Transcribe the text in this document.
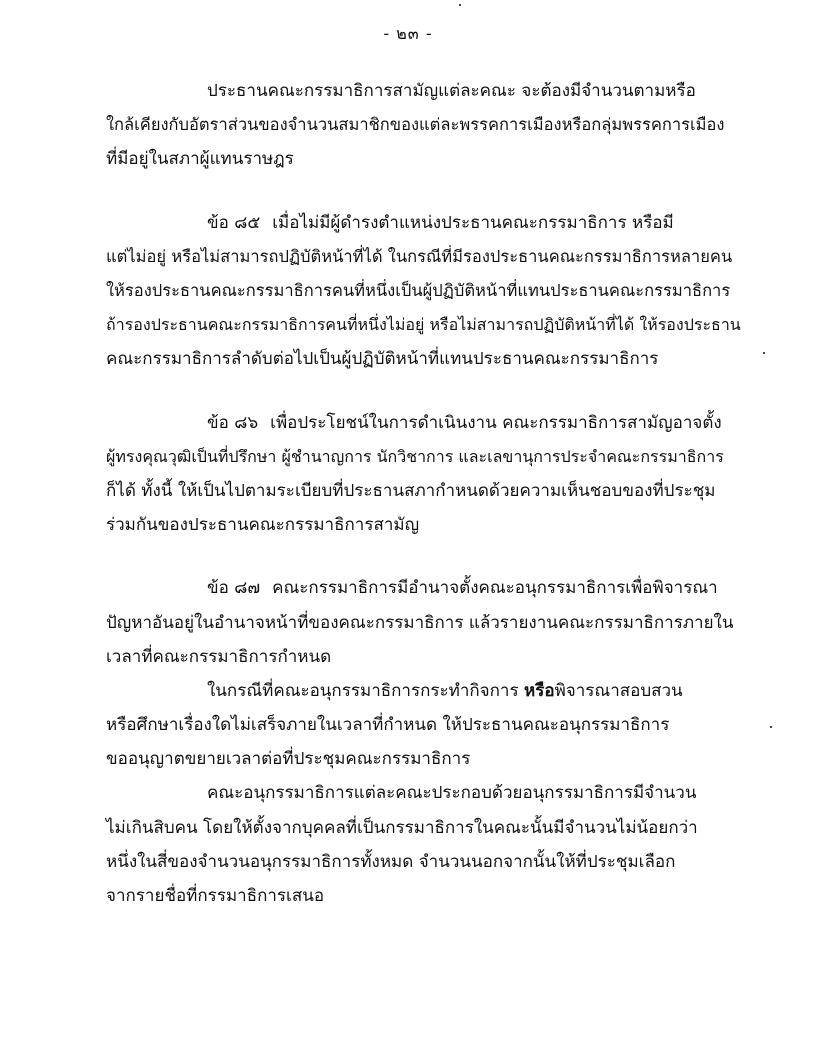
- ๒๓ -
ประธานคณะกรรมาธิการสามัญแต่ละคณะ จะต้องมีจำนวนตามหรือ
ใกล้เคียงกับอัตราส่วนของจำนวนสมาชิกของแต่ละพรรคการเมืองหรือกลุ่มพรรคการเมือง
ที่มีอยู่ในสภาผู้แทนราษฎร
ข้อ ๘๕ เมื่อไม่มีผู้ดำรงตำแหน่งประธานคณะกรรมาธิการ หรือมี
แต่ไม่อยู่ หรือไม่สามารถปฏิบัติหน้าที่ได้ ในกรณีที่มีรองประธานคณะกรรมาธิการหลายคน
ให้รองประธานคณะกรรมาธิการคนที่หนึ่งเป็นผู้ปฏิบัติหน้าที่แทนประธานคณะกรรมาธิการ
ถ้ารองประธานคณะกรรมาธิการคนที่หนึ่งไม่อยู่ หรือไม่สามารถปฏิบัติหน้าที่ได้ ให้รองประธาน
คณะกรรมาธิการลำดับต่อไปเป็นผู้ปฏิบัติหน้าที่แทนประธานคณะกรรมาธิการ
ข้อ ๘๖ เพื่อประโยชน์ในการดำเนินงาน คณะกรรมาธิการสามัญอาจตั้ง
ผู้ทรงคุณวุฒิเป็นที่ปรึกษา ผู้ชำนาญการ นักวิชาการ และเลขานุการประจำคณะกรรมาธิการ
ก็ได้ ทั้งนี้ ให้เป็นไปตามระเบียบที่ประธานสภากำหนดด้วยความเห็นชอบของที่ประชุม
ร่วมกันของประธานคณะกรรมาธิการสามัญ
ข้อ ๘๗ คณะกรรมาธิการมีอำนาจตั้งคณะอนุกรรมาธิการเพื่อพิจารณา
ปัญหาอันอยู่ในอำนาจหน้าที่ของคณะกรรมาธิการ แล้วรายงานคณะกรรมาธิการภายใน
เวลาที่คณะกรรมาธิการกำหนด
ในกรณีที่คณะอนุกรรมาธิการกระทำกิจการ หรือพิจารณาสอบสวน
หรือศึกษาเรื่องใดไม่เสร็จภายในเวลาที่กำหนด ให้ประธานคณะอนุกรรมาธิการ
ขออนุญาตขยายเวลาต่อที่ประชุมคณะกรรมาธิการ
คณะอนุกรรมาธิการแต่ละคณะประกอบด้วยอนุกรรมาธิการมีจำนวน
ไม่เกินสิบคน โดยให้ตั้งจากบุคคลที่เป็นกรรมาธิการในคณะนั้นมีจำนวนไม่น้อยกว่า
หนึ่งในสี่ของจำนวนอนุกรรมาธิการทั้งหมด จำนวนนอกจากนั้นให้ที่ประชุมเลือก
จากรายชื่อที่กรรมาธิการเสนอ
